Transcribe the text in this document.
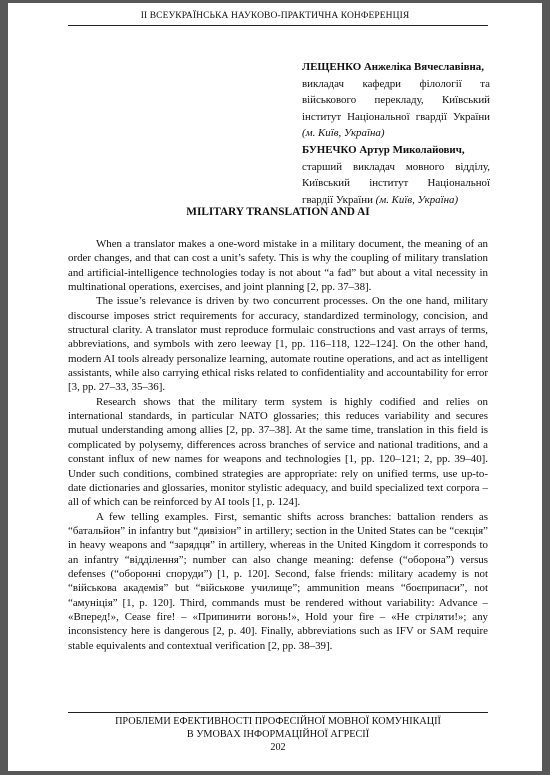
ІІ ВСЕУКРАЇНСЬКА НАУКОВО-ПРАКТИЧНА КОНФЕРЕНЦІЯ
ЛЕЩЕНКО Анжеліка Вячеславівна,
викладач кафедри філології та військового перекладу, Київський інститут Національної гвардії України (м. Київ, Україна)
БУНЕЧКО Артур Миколайович,
старший викладач мовного відділу, Київський інститут Національної гвардії України (м. Київ, Україна)
MILITARY TRANSLATION AND AI

When a translator makes a one-word mistake in a military document, the meaning of an order changes, and that can cost a unit’s safety. This is why the coupling of military translation and artificial-intelligence technologies today is not about “a fad” but about a vital necessity in multinational operations, exercises, and joint planning [2, pp. 37–38].

The issue’s relevance is driven by two concurrent processes. On the one hand, military discourse imposes strict requirements for accuracy, standardized terminology, concision, and structural clarity. A translator must reproduce formulaic constructions and vast arrays of terms, abbreviations, and symbols with zero leeway [1, pp. 116–118, 122–124]. On the other hand, modern AI tools already personalize learning, automate routine operations, and act as intelligent assistants, while also carrying ethical risks related to confidentiality and accountability for error [3, pp. 27–33, 35–36].

Research shows that the military term system is highly codified and relies on international standards, in particular NATO glossaries; this reduces variability and secures mutual understanding among allies [2, pp. 37–38]. At the same time, translation in this field is complicated by polysemy, differences across branches of service and national traditions, and a constant influx of new names for weapons and technologies [1, pp. 120–121; 2, pp. 39–40]. Under such conditions, combined strategies are appropriate: rely on unified terms, use up-to-date dictionaries and glossaries, monitor stylistic adequacy, and build specialized text corpora – all of which can be reinforced by AI tools [1, p. 124].

A few telling examples. First, semantic shifts across branches: battalion renders as “батальйон” in infantry but “дивізіон” in artillery; section in the United States can be “секція” in heavy weapons and “зарядця” in artillery, whereas in the United Kingdom it corresponds to an infantry “відділення”; number can also change meaning: defense (“оборона”) versus defenses (“оборонні споруди”) [1, p. 120]. Second, false friends: military academy is not “військова академія” but “військове училище”; ammunition means “боєприпаси”, not “амуніція” [1, p. 120]. Third, commands must be rendered without variability: Advance – «Вперед!», Cease fire! – «Припинити вогонь!», Hold your fire – «Не стріляти!»; any inconsistency here is dangerous [2, p. 40]. Finally, abbreviations such as IFV or SAM require stable equivalents and contextual verification [2, pp. 38–39].

ПРОБЛЕМИ ЕФЕКТИВНОСТІ ПРОФЕСІЙНОЇ МОВНОЇ КОМУНІКАЦІЇ
В УМОВАХ ІНФОРМАЦІЙНОЇ АГРЕСІЇ
202
